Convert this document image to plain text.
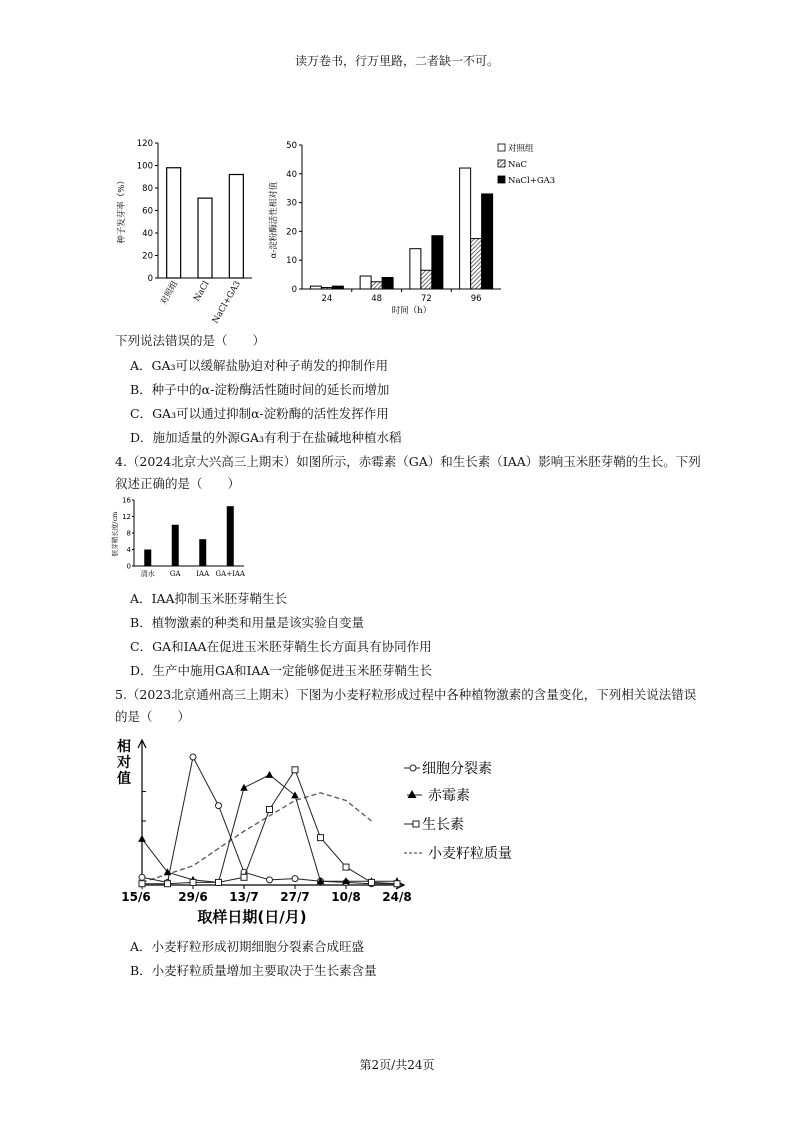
读万卷书，行万里路，二者缺一不可。
0
20
40
60
80
100
120
对照组 NaCl NaCl+GA3
种子发芽率（%）
0
10
20
30
40
50
24	48	72	96
时间（h）
α-淀粉酶活性相对值
对照组
NaC
NaCl+GA3
下列说法错误的是（　　）
A．GA₃可以缓解盐胁迫对种子萌发的抑制作用
B．种子中的α-淀粉酶活性随时间的延长而增加
C．GA₃可以通过抑制α-淀粉酶的活性发挥作用
D．施加适量的外源GA₃有利于在盐碱地种植水稻
4.（2024北京大兴高三上期末）如图所示，赤霉素（GA）和生长素（IAA）影响玉米胚芽鞘的生长。下列
叙述正确的是（　　）
0
4
8
12
16
清水 GA IAA GA+IAA
胚芽鞘长度/cm
A．IAA抑制玉米胚芽鞘生长
B．植物激素的种类和用量是该实验自变量
C．GA和IAA在促进玉米胚芽鞘生长方面具有协同作用
D．生产中施用GA和IAA一定能够促进玉米胚芽鞘生长
5.（2023北京通州高三上期末）下图为小麦籽粒形成过程中各种植物激素的含量变化，下列相关说法错误
的是（　　）
相
对
值
15/6 29/6 13/7 27/7 10/8 24/8
取样日期(日/月)
细胞分裂素
赤霉素
生长素
小麦籽粒质量
A．小麦籽粒形成初期细胞分裂素合成旺盛
B．小麦籽粒质量增加主要取决于生长素含量
第2页/共24页
